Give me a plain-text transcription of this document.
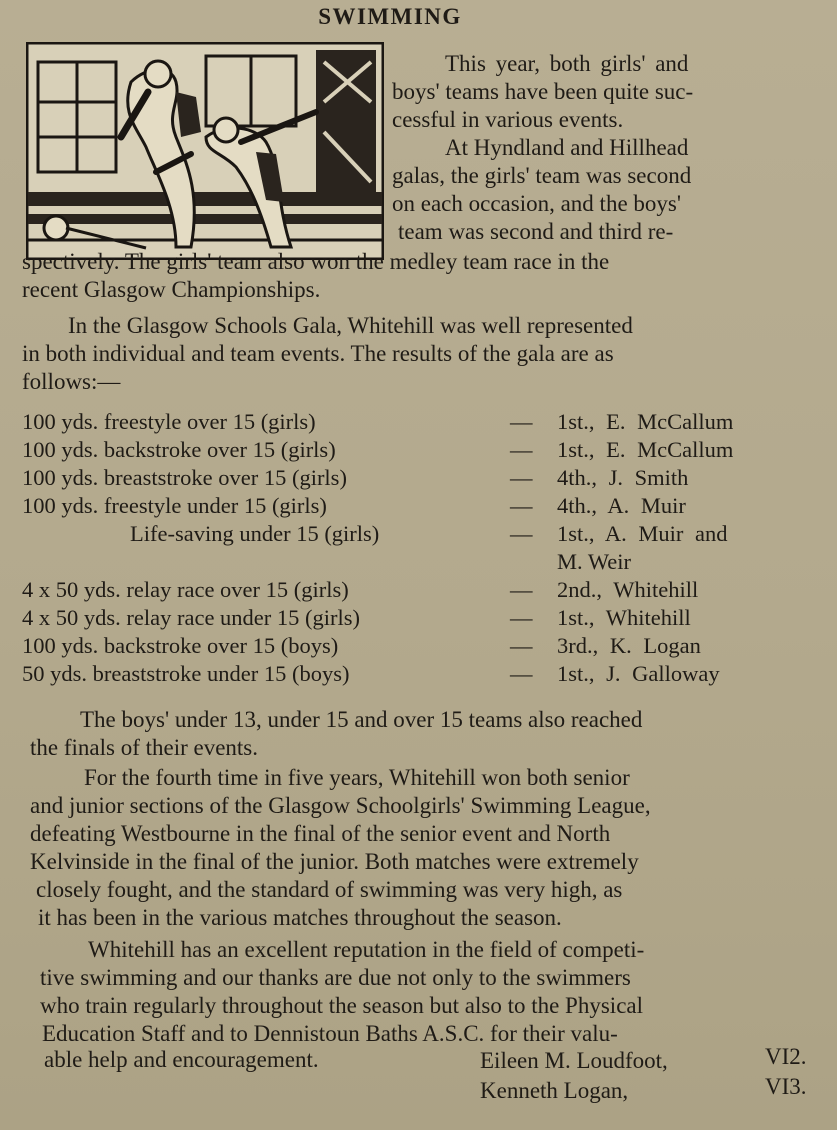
SWIMMING
This year, both girls' and
boys' teams have been quite suc-
cessful in various events.
At Hyndland and Hillhead
galas, the girls' team was second
on each occasion, and the boys'
team was second and third re-
spectively. The girls' team also won the medley team race in the
recent Glasgow Championships.
In the Glasgow Schools Gala, Whitehill was well represented
in both individual and team events. The results of the gala are as
follows:—
100 yds. freestyle over 15 (girls)	— 1st., E. McCallum
100 yds. backstroke over 15 (girls)	— 1st., E. McCallum
100 yds. breaststroke over 15 (girls)	— 4th., J. Smith
100 yds. freestyle under 15 (girls)	— 4th., A. Muir
Life-saving under 15 (girls)	— 1st., A. Muir and
M. Weir
4 x 50 yds. relay race over 15 (girls)	— 2nd., Whitehill
4 x 50 yds. relay race under 15 (girls)	— 1st., Whitehill
100 yds. backstroke over 15 (boys)	— 3rd., K. Logan
50 yds. breaststroke under 15 (boys)	— 1st., J. Galloway
The boys' under 13, under 15 and over 15 teams also reached
the finals of their events.
For the fourth time in five years, Whitehill won both senior
and junior sections of the Glasgow Schoolgirls' Swimming League,
defeating Westbourne in the final of the senior event and North
Kelvinside in the final of the junior. Both matches were extremely
closely fought, and the standard of swimming was very high, as
it has been in the various matches throughout the season.
Whitehill has an excellent reputation in the field of competi-
tive swimming and our thanks are due not only to the swimmers
who train regularly throughout the season but also to the Physical
Education Staff and to Dennistoun Baths A.S.C. for their valu-
able help and encouragement.	Eileen M. Loudfoot,	VI2.
Kenneth Logan,	VI3.
